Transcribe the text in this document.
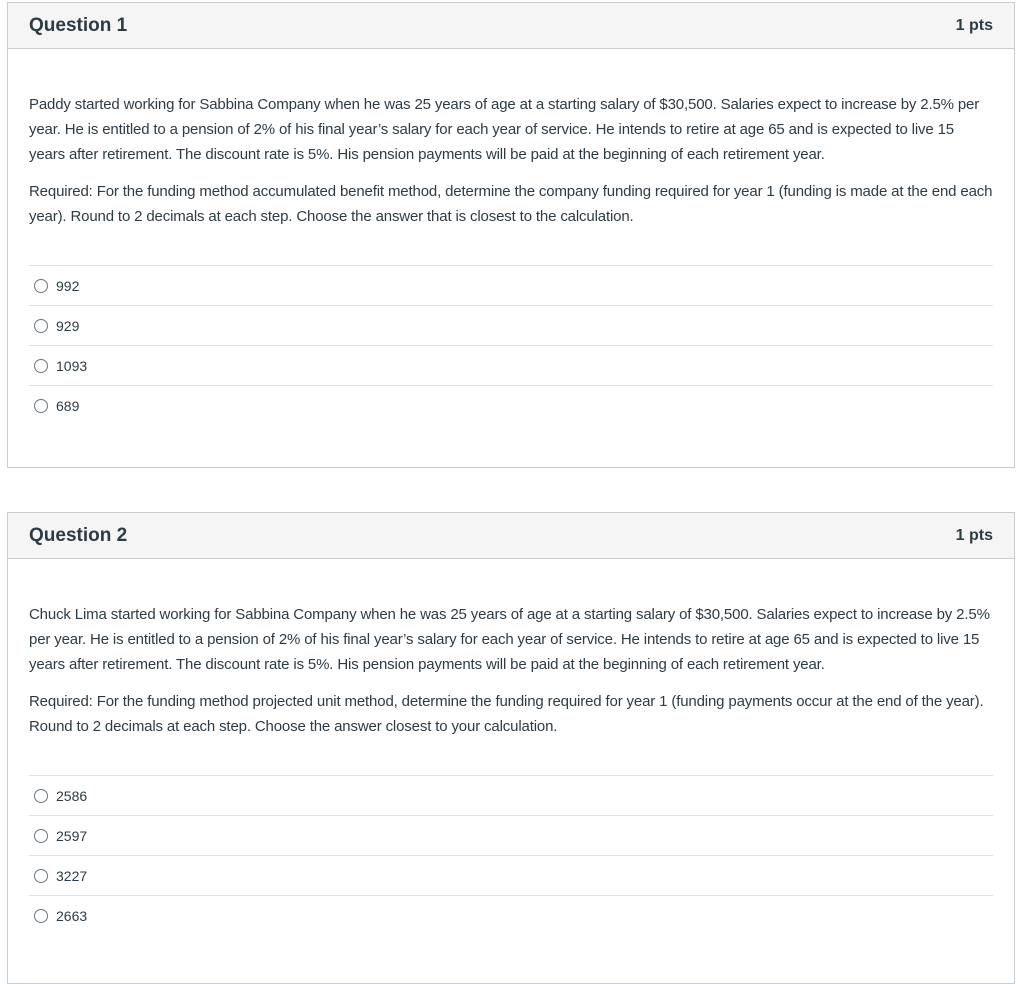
Question 1	1 pts

Paddy started working for Sabbina Company when he was 25 years of age at a starting salary of $30,500. Salaries expect to increase by 2.5% per year. He is entitled to a pension of 2% of his final year’s salary for each year of service. He intends to retire at age 65 and is expected to live 15 years after retirement. The discount rate is 5%. His pension payments will be paid at the beginning of each retirement year.

Required: For the funding method accumulated benefit method, determine the company funding required for year 1 (funding is made at the end each year). Round to 2 decimals at each step. Choose the answer that is closest to the calculation.

992
929
1093
689
Question 2	1 pts

Chuck Lima started working for Sabbina Company when he was 25 years of age at a starting salary of $30,500. Salaries expect to increase by 2.5% per year. He is entitled to a pension of 2% of his final year’s salary for each year of service. He intends to retire at age 65 and is expected to live 15 years after retirement. The discount rate is 5%. His pension payments will be paid at the beginning of each retirement year.

Required: For the funding method projected unit method, determine the funding required for year 1 (funding payments occur at the end of the year). Round to 2 decimals at each step. Choose the answer closest to your calculation.

2586
2597
3227
2663
